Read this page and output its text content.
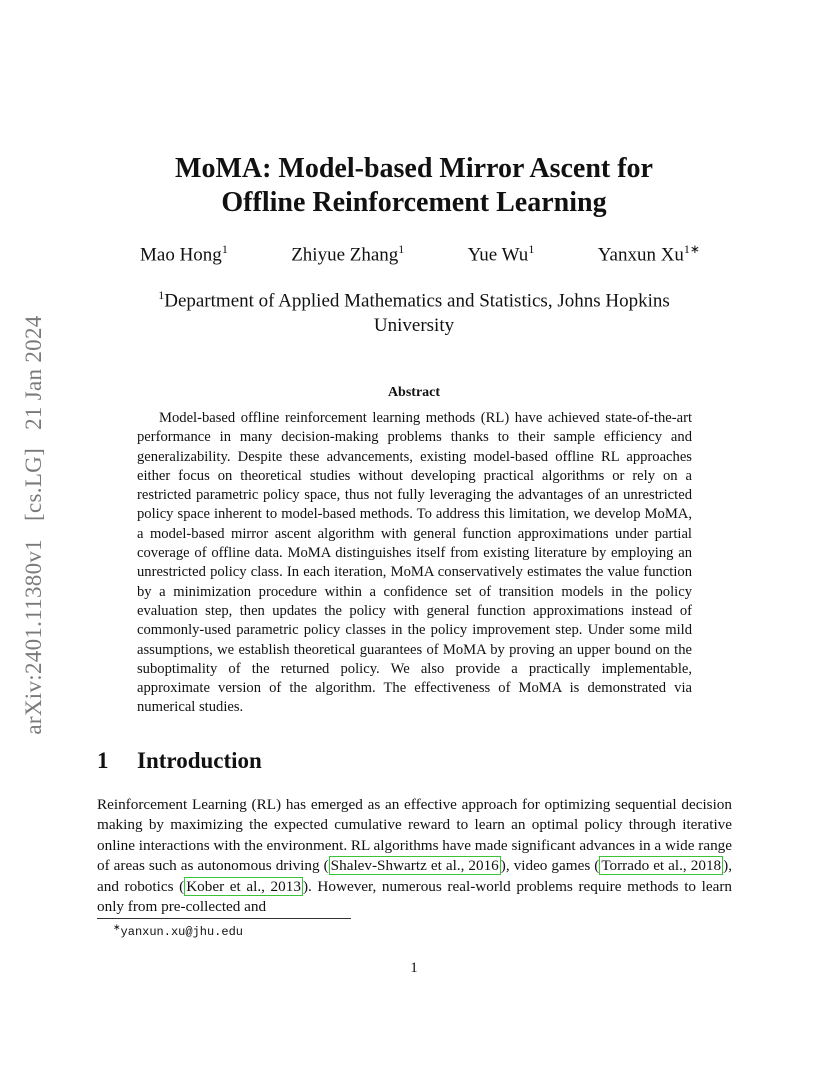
arXiv:2401.11380v1 [cs.LG] 21 Jan 2024
MoMA: Model-based Mirror Ascent for
Offline Reinforcement Learning
Mao Hong$^1$	Zhiyue Zhang$^1$	Yue Wu$^1$	Yanxun $Xu^{1∗}$
$^1$Department of Applied Mathematics and Statistics, Johns Hopkins
University
Abstract
Model-based offline reinforcement learning methods (RL) have achieved state-of-the-art performance in many decision-making problems thanks to their sample efficiency and generalizability. Despite these advancements, existing model-based offline RL approaches either focus on theoretical studies without developing practical algorithms or rely on a restricted parametric policy space, thus not fully leveraging the advantages of an unrestricted policy space inherent to model-based methods. To address this limitation, we develop MoMA, a model-based mirror ascent algorithm with general function approximations under partial coverage of offline data. MoMA distinguishes itself from existing literature by employing an unrestricted policy class. In each iteration, MoMA conservatively estimates the value function by a minimization procedure within a confidence set of transition models in the policy evaluation step, then updates the policy with general function approximations instead of commonly-used parametric policy classes in the policy improvement step. Under some mild assumptions, we establish theoretical guarantees of MoMA by proving an upper bound on the suboptimality of the returned policy. We also provide a practically implementable, approximate version of the algorithm. The effectiveness of MoMA is demonstrated via numerical studies.
1 Introduction
Reinforcement Learning (RL) has emerged as an effective approach for optimizing sequential decision making by maximizing the expected cumulative reward to learn an optimal policy through iterative online interactions with the environment. RL algorithms have made significant advances in a wide range of areas such as autonomous driving ( Shalev-Shwartz et al., 2016 ), video games ( Torrado et al., 2018 ), and robotics ( Kober et al., 2013 ). However, numerous real-world problems require methods to learn only from pre-collected and
∗yanxun.xu@jhu.edu
1
